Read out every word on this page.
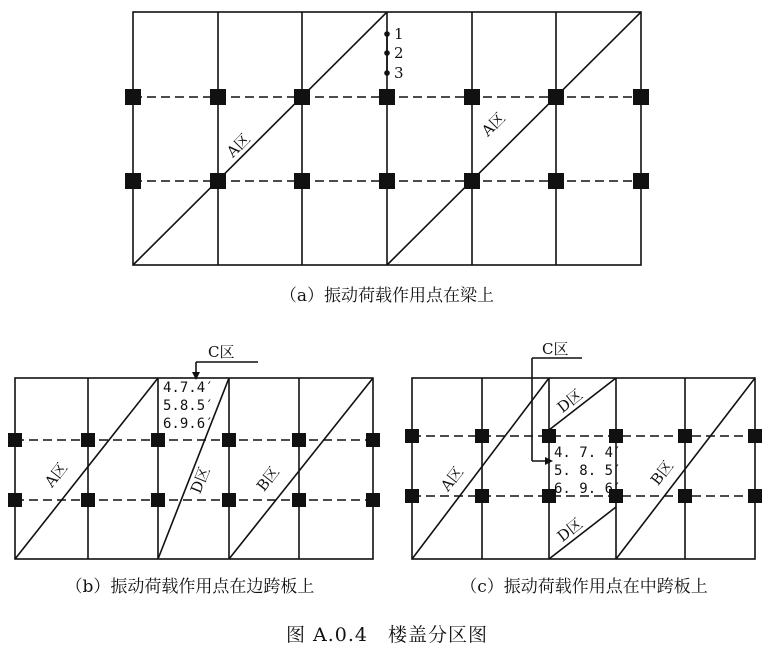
1
2
3
A区
A区
（a）振动荷载作用点在梁上
C区
4.7.4′
5.8.5′
6.9.6′
A区	D区	B区
（b）振动荷载作用点在边跨板上
C区
4. 7. 4′
5. 8. 5′
6. 9. 6′
A区
D区
D区
B区
（c）振动荷载作用点在中跨板上
图 A.0.4　楼盖分区图
